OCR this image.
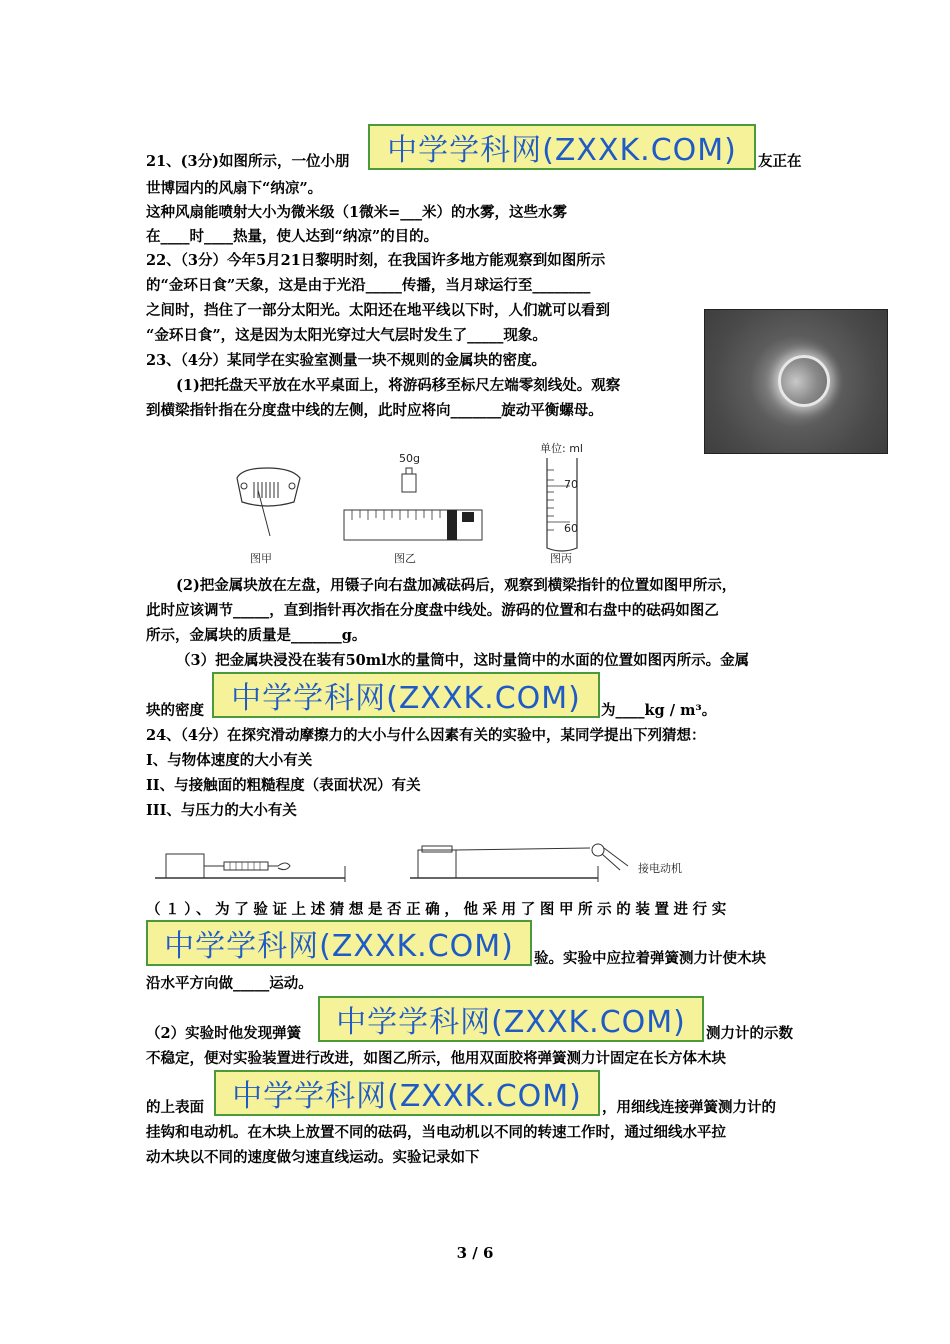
中学学科网(ZXXK.COM)
21、(3分)如图所示，一位小朋	友正在
世博园内的风扇下“纳凉”。
这种风扇能喷射大小为微米级（1微米=___米）的水雾，这些水雾
在____时____热量，使人达到“纳凉”的目的。
22、（3分）今年5月21日黎明时刻，在我国许多地方能观察到如图所示
的“金环日食”天象，这是由于光沿_____传播，当月球运行至________
之间时，挡住了一部分太阳光。太阳还在地平线以下时，人们就可以看到
“金环日食”，这是因为太阳光穿过大气层时发生了_____现象。
23、（4分）某同学在实验室测量一块不规则的金属块的密度。
(1)把托盘天平放在水平桌面上，将游码移至标尺左端零刻线处。观察
到横梁指针指在分度盘中线的左侧，此时应将向_______旋动平衡螺母。
图甲
50g
图乙
单位: ml
70
60
图丙
(2)把金属块放在左盘，用镊子向右盘加减砝码后，观察到横梁指针的位置如图甲所示，
此时应该调节_____，直到指针再次指在分度盘中线处。游码的位置和右盘中的砝码如图乙
所示，金属块的质量是_______g。
（3）把金属块浸没在装有50ml水的量筒中，这时量筒中的水面的位置如图丙所示。金属
中学学科网(ZXXK.COM)
块的密度	为____kg / m³。
24、（4分）在探究滑动摩擦力的大小与什么因素有关的实验中，某同学提出下列猜想：
I、与物体速度的大小有关
II、与接触面的粗糙程度（表面状况）有关
III、与压力的大小有关
接电动机
（１）、为了验证上述猜想是否正确，他采用了图甲所示的装置进行实
中学学科网(ZXXK.COM)	验。实验中应拉着弹簧测力计使木块
沿水平方向做_____运动。
中学学科网(ZXXK.COM)
（2）实验时他发现弹簧	测力计的示数
不稳定，便对实验装置进行改进，如图乙所示，他用双面胶将弹簧测力计固定在长方体木块
中学学科网(ZXXK.COM)
的上表面	，用细线连接弹簧测力计的
挂钩和电动机。在木块上放置不同的砝码，当电动机以不同的转速工作时，通过细线水平拉
动木块以不同的速度做匀速直线运动。实验记录如下
3 / 6
